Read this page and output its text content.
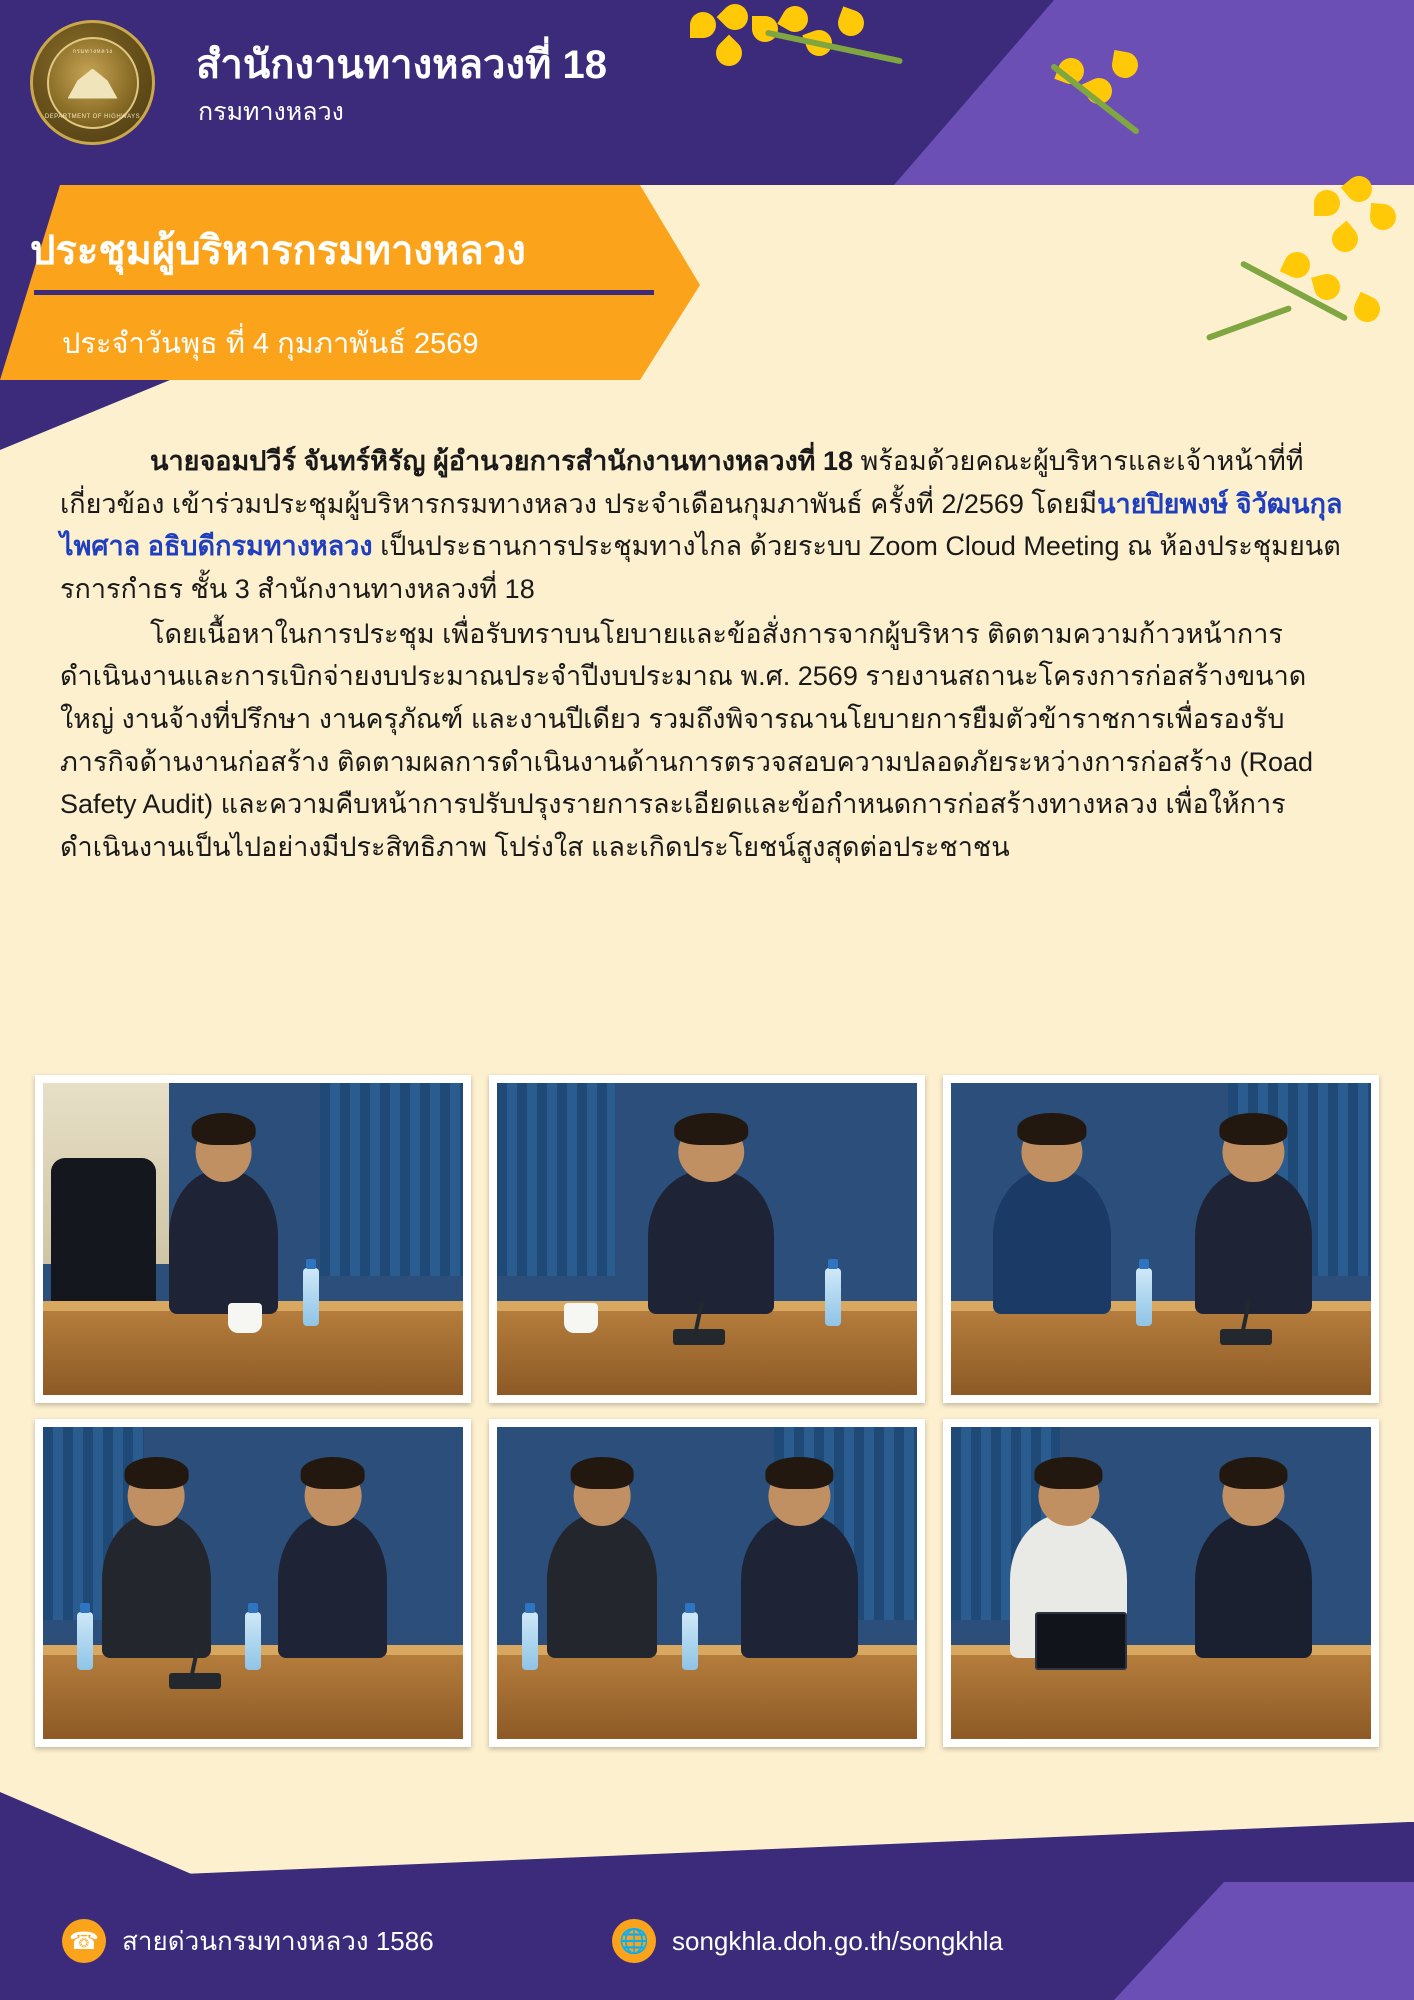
กรมทางหลวง
DEPARTMENT OF HIGHWAYS
สำนักงานทางหลวงที่ 18
กรมทางหลวง
ประชุมผู้บริหารกรมทางหลวง
ประจำวันพุธ ที่ 4 กุมภาพันธ์ 2569

นายจอมปวีร์ จันทร์หิรัญ ผู้อำนวยการสำนักงานทางหลวงที่ 18 พร้อมด้วยคณะผู้บริหารและเจ้าหน้าที่ที่เกี่ยวข้อง เข้าร่วมประชุมผู้บริหารกรมทางหลวง ประจำเดือนกุมภาพันธ์ ครั้งที่ 2/2569 โดยมีนายปิยพงษ์ จิวัฒนกุลไพศาล อธิบดีกรมทางหลวง เป็นประธานการประชุมทางไกล ด้วยระบบ Zoom Cloud Meeting ณ ห้องประชุมยนตรการกำธร ชั้น 3 สำนักงานทางหลวงที่ 18

โดยเนื้อหาในการประชุม เพื่อรับทราบนโยบายและข้อสั่งการจากผู้บริหาร ติดตามความก้าวหน้าการดำเนินงานและการเบิกจ่ายงบประมาณประจำปีงบประมาณ พ.ศ. 2569 รายงานสถานะโครงการก่อสร้างขนาดใหญ่ งานจ้างที่ปรึกษา งานครุภัณฑ์ และงานปีเดียว รวมถึงพิจารณานโยบายการยืมตัวข้าราชการเพื่อรองรับภารกิจด้านงานก่อสร้าง ติดตามผลการดำเนินงานด้านการตรวจสอบความปลอดภัยระหว่างการก่อสร้าง (Road Safety Audit) และความคืบหน้าการปรับปรุงรายการละเอียดและข้อกำหนดการก่อสร้างทางหลวง เพื่อให้การดำเนินงานเป็นไปอย่างมีประสิทธิภาพ โปร่งใส และเกิดประโยชน์สูงสุดต่อประชาชน

☎ สายด่วนกรมทางหลวง 1586	🌐 songkhla.doh.go.th/songkhla
